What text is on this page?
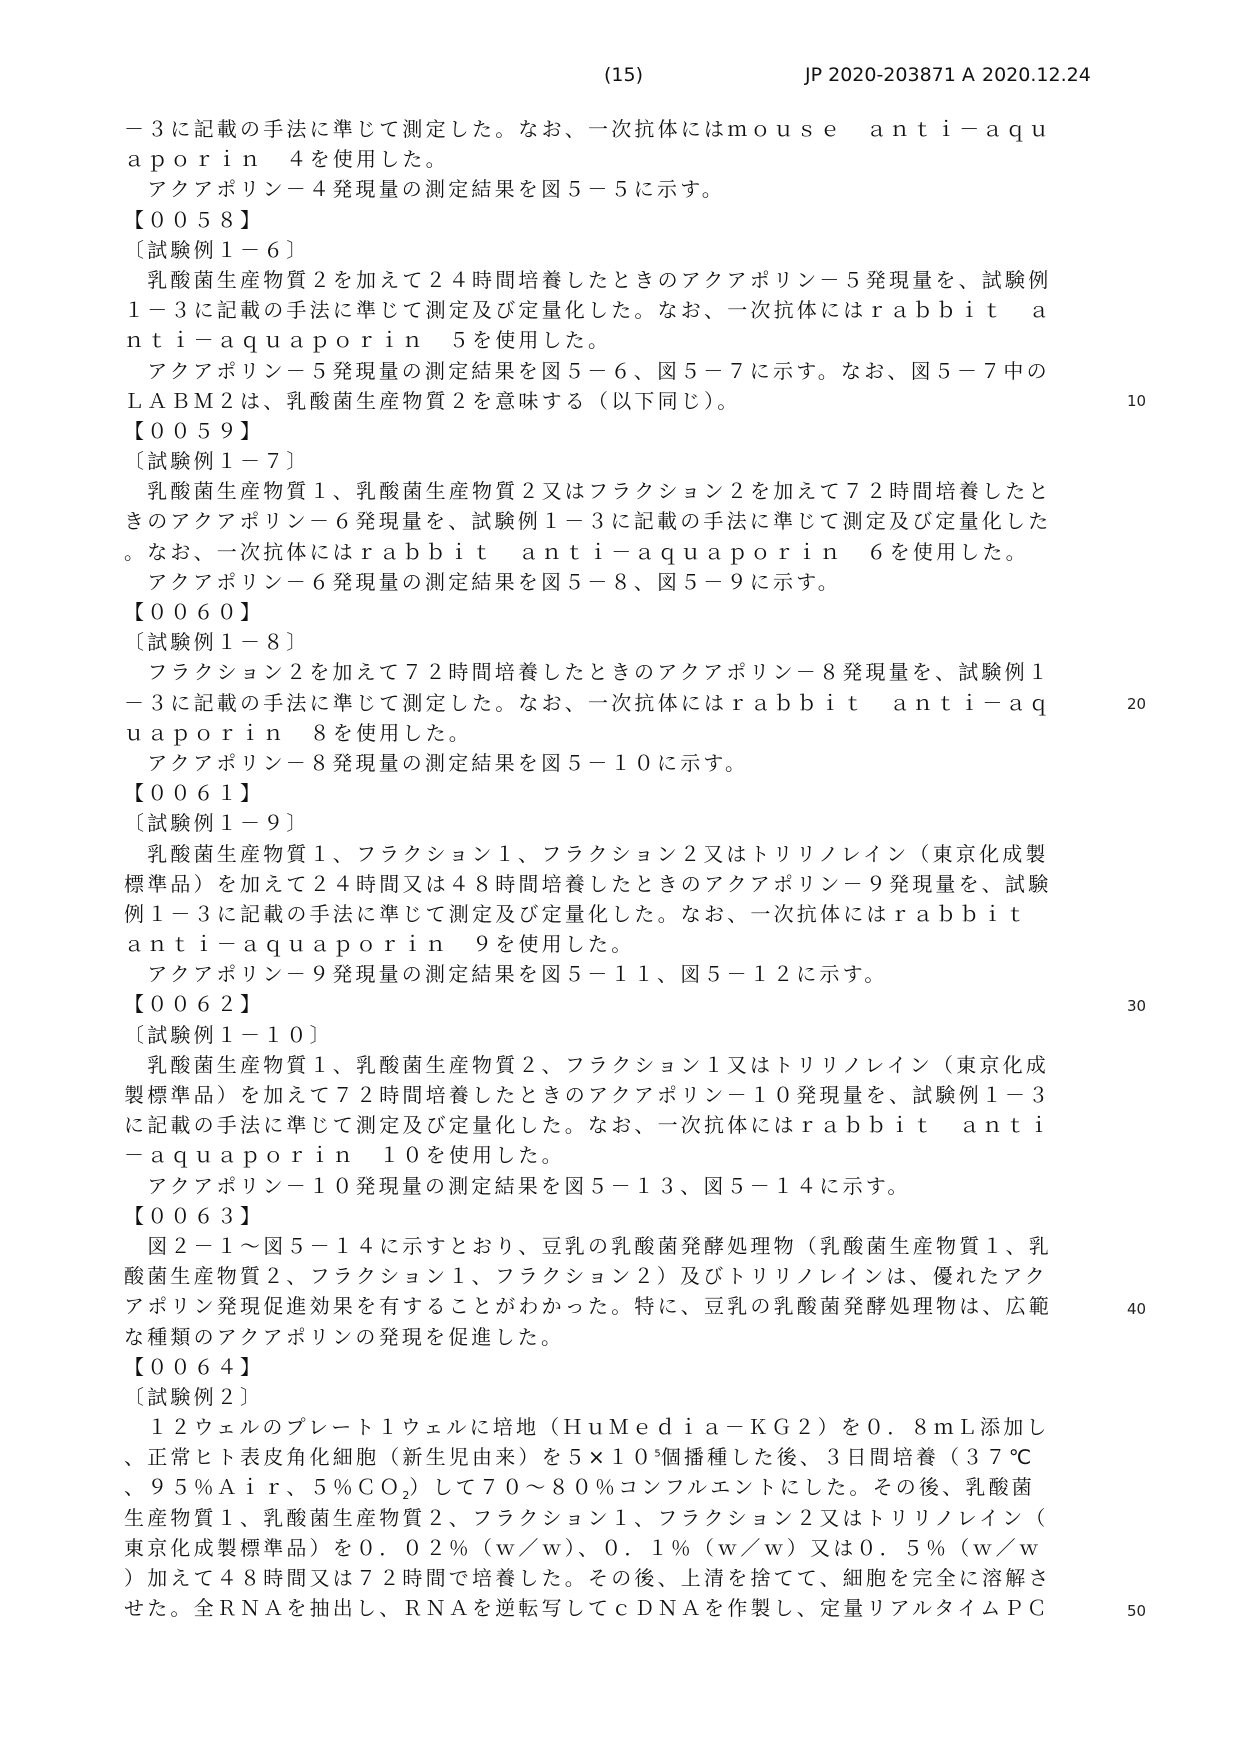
(15)	JP 2020-203871 A 2020.12.24
－３に記載の手法に準じて測定した。なお、一次抗体にはｍｏｕｓｅ　ａｎｔｉ－ａｑｕ
ａｐｏｒｉｎ　４を使用した。
　アクアポリン－４発現量の測定結果を図５－５に示す。
【００５８】
〔試験例１－６〕
　乳酸菌生産物質２を加えて２４時間培養したときのアクアポリン－５発現量を、試験例
１－３に記載の手法に準じて測定及び定量化した。なお、一次抗体にはｒａｂｂｉｔ　ａ
ｎｔｉ－ａｑｕａｐｏｒｉｎ　５を使用した。
　アクアポリン－５発現量の測定結果を図５－６、図５－７に示す。なお、図５－７中の
ＬＡＢＭ２は、乳酸菌生産物質２を意味する（以下同じ）。
【００５９】
〔試験例１－７〕
　乳酸菌生産物質１、乳酸菌生産物質２又はフラクション２を加えて７２時間培養したと
きのアクアポリン－６発現量を、試験例１－３に記載の手法に準じて測定及び定量化した
。なお、一次抗体にはｒａｂｂｉｔ　ａｎｔｉ－ａｑｕａｐｏｒｉｎ　６を使用した。
　アクアポリン－６発現量の測定結果を図５－８、図５－９に示す。
【００６０】
〔試験例１－８〕
　フラクション２を加えて７２時間培養したときのアクアポリン－８発現量を、試験例１
－３に記載の手法に準じて測定した。なお、一次抗体にはｒａｂｂｉｔ　ａｎｔｉ－ａｑ
ｕａｐｏｒｉｎ　８を使用した。
　アクアポリン－８発現量の測定結果を図５－１０に示す。
【００６１】
〔試験例１－９〕
　乳酸菌生産物質１、フラクション１、フラクション２又はトリリノレイン（東京化成製
標準品）を加えて２４時間又は４８時間培養したときのアクアポリン－９発現量を、試験
例１－３に記載の手法に準じて測定及び定量化した。なお、一次抗体にはｒａｂｂｉｔ
ａｎｔｉ－ａｑｕａｐｏｒｉｎ　９を使用した。
　アクアポリン－９発現量の測定結果を図５－１１、図５－１２に示す。
【００６２】
〔試験例１－１０〕
　乳酸菌生産物質１、乳酸菌生産物質２、フラクション１又はトリリノレイン（東京化成
製標準品）を加えて７２時間培養したときのアクアポリン－１０発現量を、試験例１－３
に記載の手法に準じて測定及び定量化した。なお、一次抗体にはｒａｂｂｉｔ　ａｎｔｉ
－ａｑｕａｐｏｒｉｎ　１０を使用した。
　アクアポリン－１０発現量の測定結果を図５－１３、図５－１４に示す。
【００６３】
　図２－１～図５－１４に示すとおり、豆乳の乳酸菌発酵処理物（乳酸菌生産物質１、乳
酸菌生産物質２、フラクション１、フラクション２）及びトリリノレインは、優れたアク
アポリン発現促進効果を有することがわかった。特に、豆乳の乳酸菌発酵処理物は、広範
な種類のアクアポリンの発現を促進した。
【００６４】
〔試験例２〕
　１２ウェルのプレート１ウェルに培地（ＨｕＭｅｄｉａ－ＫＧ２）を０．８ｍＬ添加し
、正常ヒト表皮角化細胞（新生児由来）を$5\times 10^5$個播種した後、３日間培養（３７℃
、９５％Ａｉｒ、５％ＣＯ$_2$）して７０～８０％コンフルエントにした。その後、乳酸菌
生産物質１、乳酸菌生産物質２、フラクション１、フラクション２又はトリリノレイン（
東京化成製標準品）を０．０２％（ｗ／ｗ）、０．１％（ｗ／ｗ）又は０．５％（ｗ／ｗ
）加えて４８時間又は７２時間で培養した。その後、上清を捨てて、細胞を完全に溶解さ
せた。全ＲＮＡを抽出し、ＲＮＡを逆転写してｃＤＮＡを作製し、定量リアルタイムＰＣ
10
20
30
40
50
